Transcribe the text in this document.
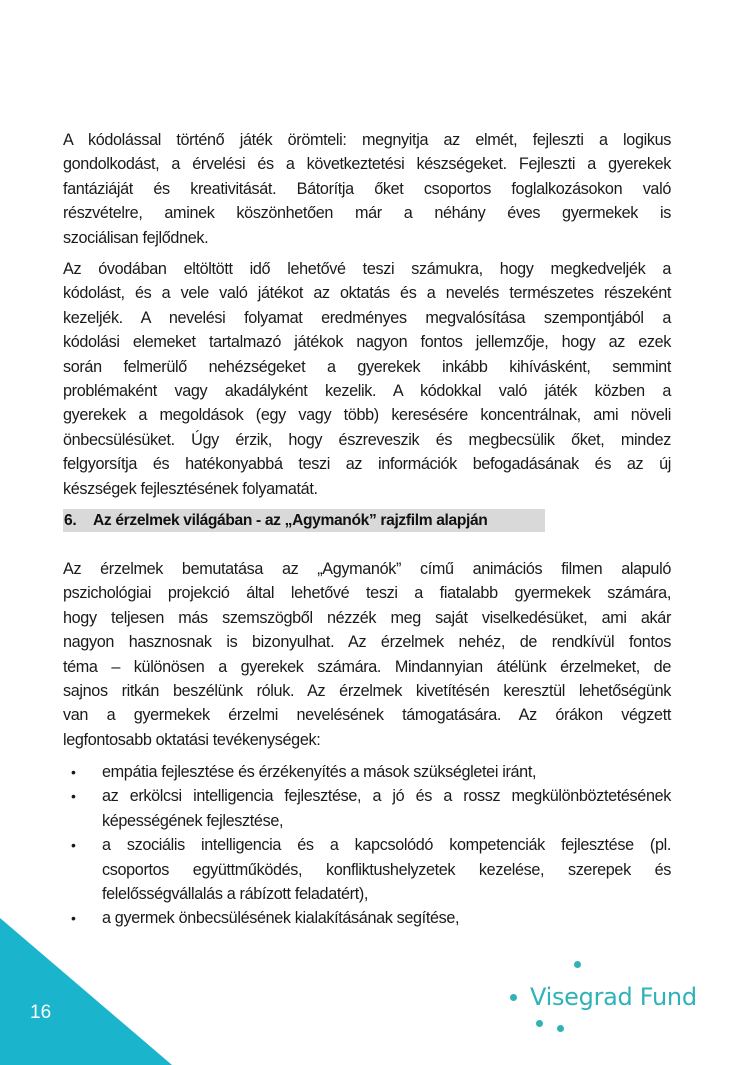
A kódolással történő játék örömteli: megnyitja az elmét, fejleszti a logikus
gondolkodást, a érvelési és a következtetési készségeket. Fejleszti a gyerekek
fantáziáját és kreativitását. Bátorítja őket csoportos foglalkozásokon való
részvételre, aminek köszönhetően már a néhány éves gyermekek is
szociálisan fejlődnek.
Az óvodában eltöltött idő lehetővé teszi számukra, hogy megkedveljék a
kódolást, és a vele való játékot az oktatás és a nevelés természetes részeként
kezeljék. A nevelési folyamat eredményes megvalósítása szempontjából a
kódolási elemeket tartalmazó játékok nagyon fontos jellemzője, hogy az ezek
során felmerülő nehézségeket a gyerekek inkább kihívásként, semmint
problémaként vagy akadályként kezelik. A kódokkal való játék közben a
gyerekek a megoldások (egy vagy több) keresésére koncentrálnak, ami növeli
önbecsülésüket. Úgy érzik, hogy észreveszik és megbecsülik őket, mindez
felgyorsítja és hatékonyabbá teszi az információk befogadásának és az új
készségek fejlesztésének folyamatát.
6. Az érzelmek világában - az „Agymanók” rajzfilm alapján
Az érzelmek bemutatása az „Agymanók” című animációs filmen alapuló
pszichológiai projekció által lehetővé teszi a fiatalabb gyermekek számára,
hogy teljesen más szemszögből nézzék meg saját viselkedésüket, ami akár
nagyon hasznosnak is bizonyulhat. Az érzelmek nehéz, de rendkívül fontos
téma – különösen a gyerekek számára. Mindannyian átélünk érzelmeket, de
sajnos ritkán beszélünk róluk. Az érzelmek kivetítésén keresztül lehetőségünk
van a gyermekek érzelmi nevelésének támogatására. Az órákon végzett
legfontosabb oktatási tevékenységek:
• empátia fejlesztése és érzékenyítés a mások szükségletei iránt,
• az erkölcsi intelligencia fejlesztése, a jó és a rossz megkülönböztetésének
képességének fejlesztése,
• a szociális intelligencia és a kapcsolódó kompetenciák fejlesztése (pl.
csoportos együttműködés, konfliktushelyzetek kezelése, szerepek és
felelősségvállalás a rábízott feladatért),
• a gyermek önbecsülésének kialakításának segítése,
16
Visegrad Fund
